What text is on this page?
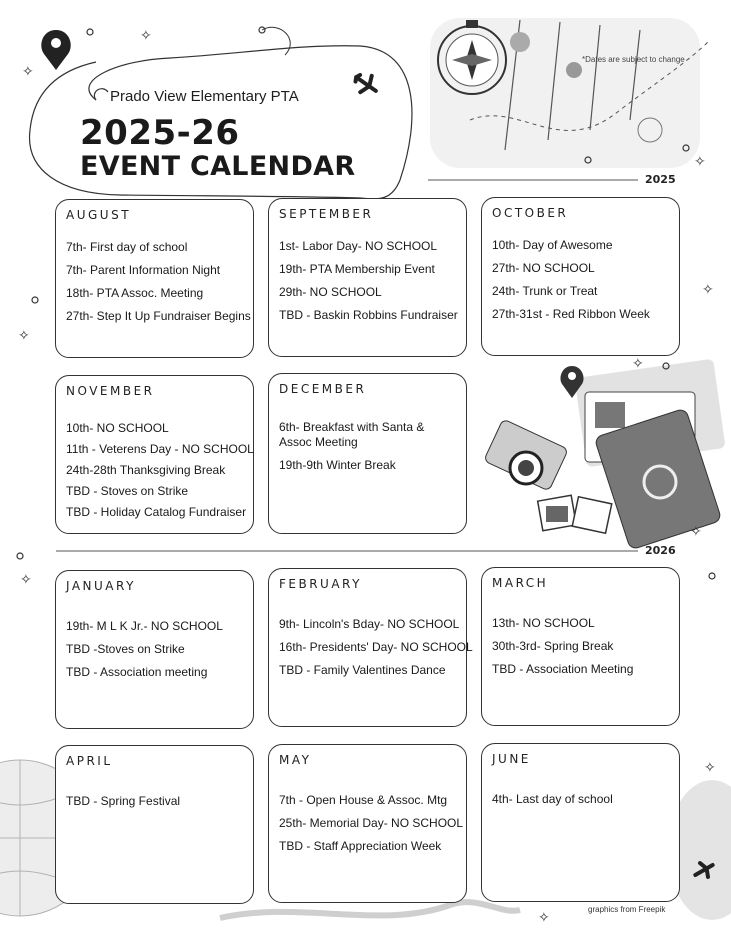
✧
✧
✧
✧
✧
✧
✧
✧
✧
✧
Prado View Elementary PTA
2025-26
EVENT CALENDAR
*Dates are subject to change
2025
2026
AUGUST
7th- First day of school
7th- Parent Information Night
18th- PTA Assoc. Meeting
27th- Step It Up Fundraiser Begins
SEPTEMBER
1st- Labor Day- NO SCHOOL
19th- PTA Membership Event
29th- NO SCHOOL
TBD - Baskin Robbins Fundraiser
OCTOBER
10th- Day of Awesome
27th- NO SCHOOL
24th- Trunk or Treat
27th-31st - Red Ribbon Week
NOVEMBER
10th- NO SCHOOL
11th - Veterens Day - NO SCHOOL
24th-28th Thanksgiving Break
TBD - Stoves on Strike
TBD - Holiday Catalog Fundraiser
DECEMBER
6th- Breakfast with Santa & Assoc Meeting
19th-9th Winter Break
JANUARY
19th- M L K Jr.- NO SCHOOL
TBD -Stoves on Strike
TBD - Association meeting
FEBRUARY
9th- Lincoln's Bday- NO SCHOOL
16th- Presidents' Day- NO SCHOOL
TBD - Family Valentines Dance
MARCH
13th- NO SCHOOL
30th-3rd- Spring Break
TBD - Association Meeting
APRIL
TBD - Spring Festival
MAY
7th - Open House & Assoc. Mtg
25th- Memorial Day- NO SCHOOL
TBD - Staff Appreciation Week
JUNE
4th- Last day of school
graphics from Freepik
